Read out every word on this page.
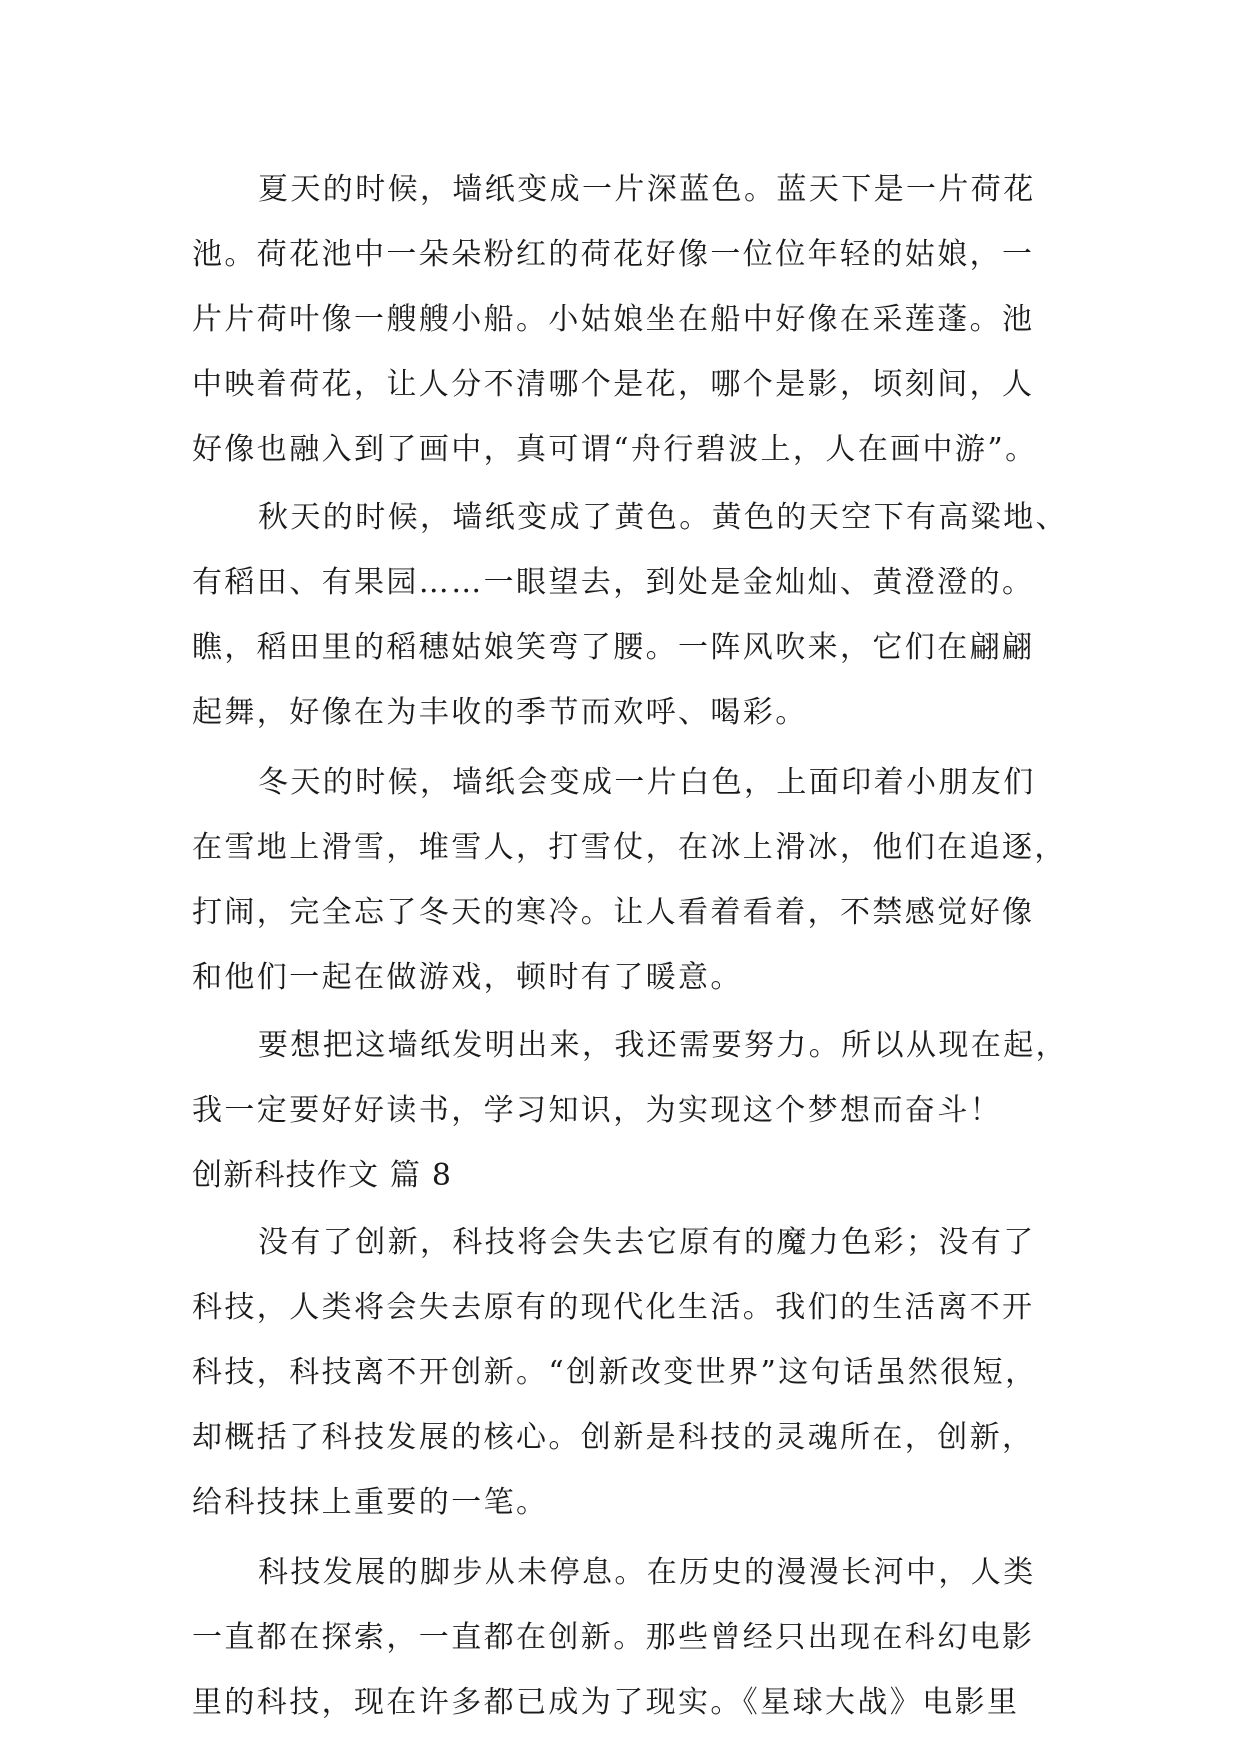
夏天的时候，墙纸变成一片深蓝色。蓝天下是一片荷花
池。荷花池中一朵朵粉红的荷花好像一位位年轻的姑娘，一
片片荷叶像一艘艘小船。小姑娘坐在船中好像在采莲蓬。池
中映着荷花，让人分不清哪个是花，哪个是影，顷刻间，人
好像也融入到了画中，真可谓“舟行碧波上，人在画中游”。
秋天的时候，墙纸变成了黄色。黄色的天空下有高粱地、
有稻田、有果园……一眼望去，到处是金灿灿、黄澄澄的。
瞧，稻田里的稻穗姑娘笑弯了腰。一阵风吹来，它们在翩翩
起舞，好像在为丰收的季节而欢呼、喝彩。
冬天的时候，墙纸会变成一片白色，上面印着小朋友们
在雪地上滑雪，堆雪人，打雪仗，在冰上滑冰，他们在追逐，
打闹，完全忘了冬天的寒冷。让人看着看着，不禁感觉好像
和他们一起在做游戏，顿时有了暖意。
要想把这墙纸发明出来，我还需要努力。所以从现在起，
我一定要好好读书，学习知识，为实现这个梦想而奋斗！
创新科技作文 篇 8
没有了创新，科技将会失去它原有的魔力色彩；没有了
科技，人类将会失去原有的现代化生活。我们的生活离不开
科技，科技离不开创新。“创新改变世界”这句话虽然很短，
却概括了科技发展的核心。创新是科技的灵魂所在，创新，
给科技抹上重要的一笔。
科技发展的脚步从未停息。在历史的漫漫长河中，人类
一直都在探索，一直都在创新。那些曾经只出现在科幻电影
里的科技，现在许多都已成为了现实。《星球大战》电影里
